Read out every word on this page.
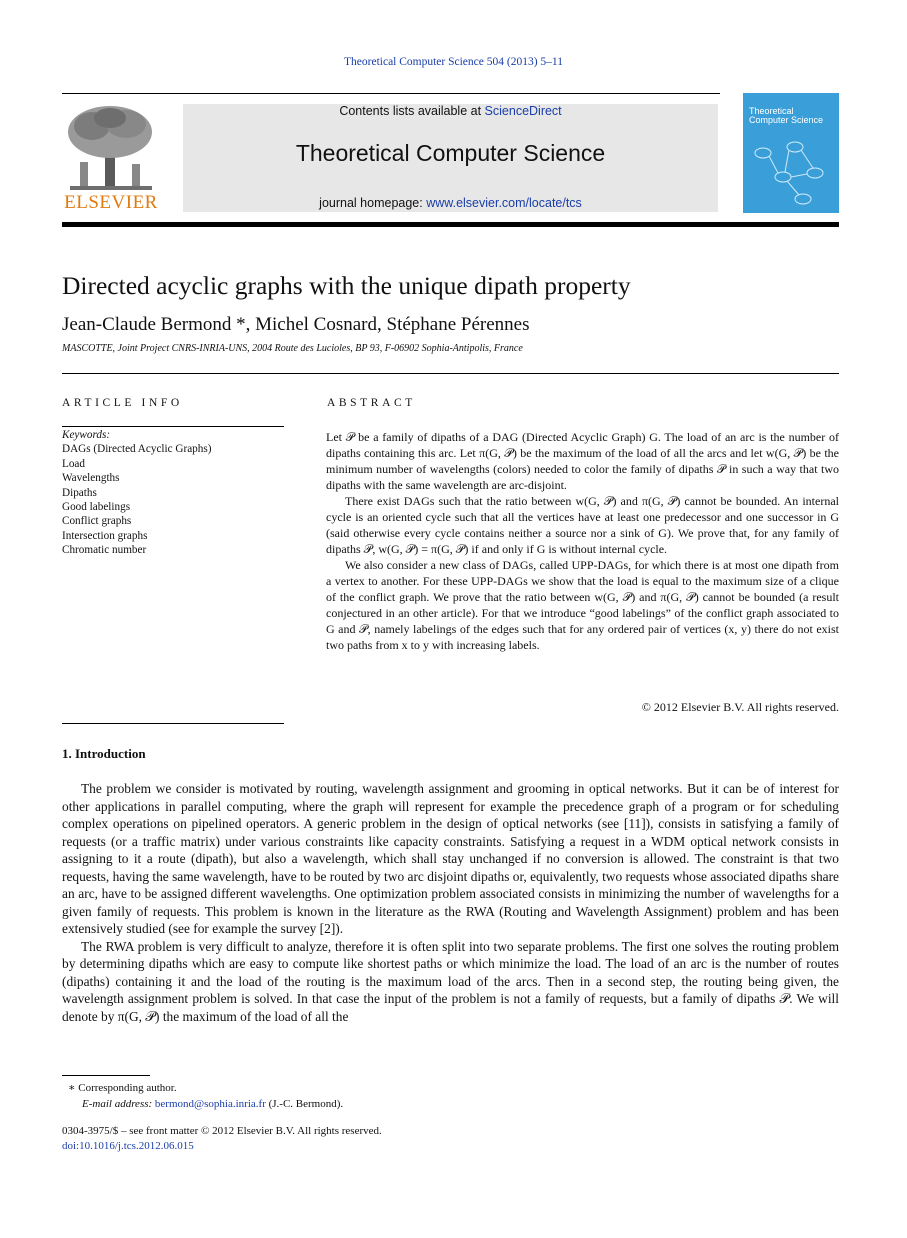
Theoretical Computer Science 504 (2013) 5–11
ELSEVIER
Contents lists available at ScienceDirect
Theoretical Computer Science
journal homepage: www.elsevier.com/locate/tcs
Theoretical
Computer Science
Directed acyclic graphs with the unique dipath property
Jean-Claude Bermond *, Michel Cosnard, Stéphane Pérennes
MASCOTTE, Joint Project CNRS-INRIA-UNS, 2004 Route des Lucioles, BP 93, F-06902 Sophia-Antipolis, France
ARTICLE INFO	ABSTRACT
Keywords:
DAGs (Directed Acyclic Graphs)
Load
Wavelengths
Dipaths
Good labelings
Conflict graphs
Intersection graphs
Chromatic number

Let 𝒫 be a family of dipaths of a DAG (Directed Acyclic Graph) G. The load of an arc is the number of dipaths containing this arc. Let π(G, 𝒫) be the maximum of the load of all the arcs and let w(G, 𝒫) be the minimum number of wavelengths (colors) needed to color the family of dipaths 𝒫 in such a way that two dipaths with the same wavelength are arc-disjoint.

There exist DAGs such that the ratio between w(G, 𝒫) and π(G, 𝒫) cannot be bounded. An internal cycle is an oriented cycle such that all the vertices have at least one predecessor and one successor in G (said otherwise every cycle contains neither a source nor a sink of G). We prove that, for any family of dipaths 𝒫, w(G, 𝒫) = π(G, 𝒫) if and only if G is without internal cycle.

We also consider a new class of DAGs, called UPP-DAGs, for which there is at most one dipath from a vertex to another. For these UPP-DAGs we show that the load is equal to the maximum size of a clique of the conflict graph. We prove that the ratio between w(G, 𝒫) and π(G, 𝒫) cannot be bounded (a result conjectured in an other article). For that we introduce “good labelings” of the conflict graph associated to G and 𝒫, namely labelings of the edges such that for any ordered pair of vertices (x, y) there do not exist two paths from x to y with increasing labels.

© 2012 Elsevier B.V. All rights reserved.
1. Introduction

The problem we consider is motivated by routing, wavelength assignment and grooming in optical networks. But it can be of interest for other applications in parallel computing, where the graph will represent for example the precedence graph of a program or for scheduling complex operations on pipelined operators. A generic problem in the design of optical networks (see [11]), consists in satisfying a family of requests (or a traffic matrix) under various constraints like capacity constraints. Satisfying a request in a WDM optical network consists in assigning to it a route (dipath), but also a wavelength, which shall stay unchanged if no conversion is allowed. The constraint is that two requests, having the same wavelength, have to be routed by two arc disjoint dipaths or, equivalently, two requests whose associated dipaths share an arc, have to be assigned different wavelengths. One optimization problem associated consists in minimizing the number of wavelengths for a given family of requests. This problem is known in the literature as the RWA (Routing and Wavelength Assignment) problem and has been extensively studied (see for example the survey [2]).

The RWA problem is very difficult to analyze, therefore it is often split into two separate problems. The first one solves the routing problem by determining dipaths which are easy to compute like shortest paths or which minimize the load. The load of an arc is the number of routes (dipaths) containing it and the load of the routing is the maximum load of the arcs. Then in a second step, the routing being given, the wavelength assignment problem is solved. In that case the input of the problem is not a family of requests, but a family of dipaths 𝒫. We will denote by π(G, 𝒫) the maximum of the load of all the

∗ Corresponding author.
E-mail address: bermond@sophia.inria.fr (J.-C. Bermond).
0304-3975/$ – see front matter © 2012 Elsevier B.V. All rights reserved.
doi:10.1016/j.tcs.2012.06.015
